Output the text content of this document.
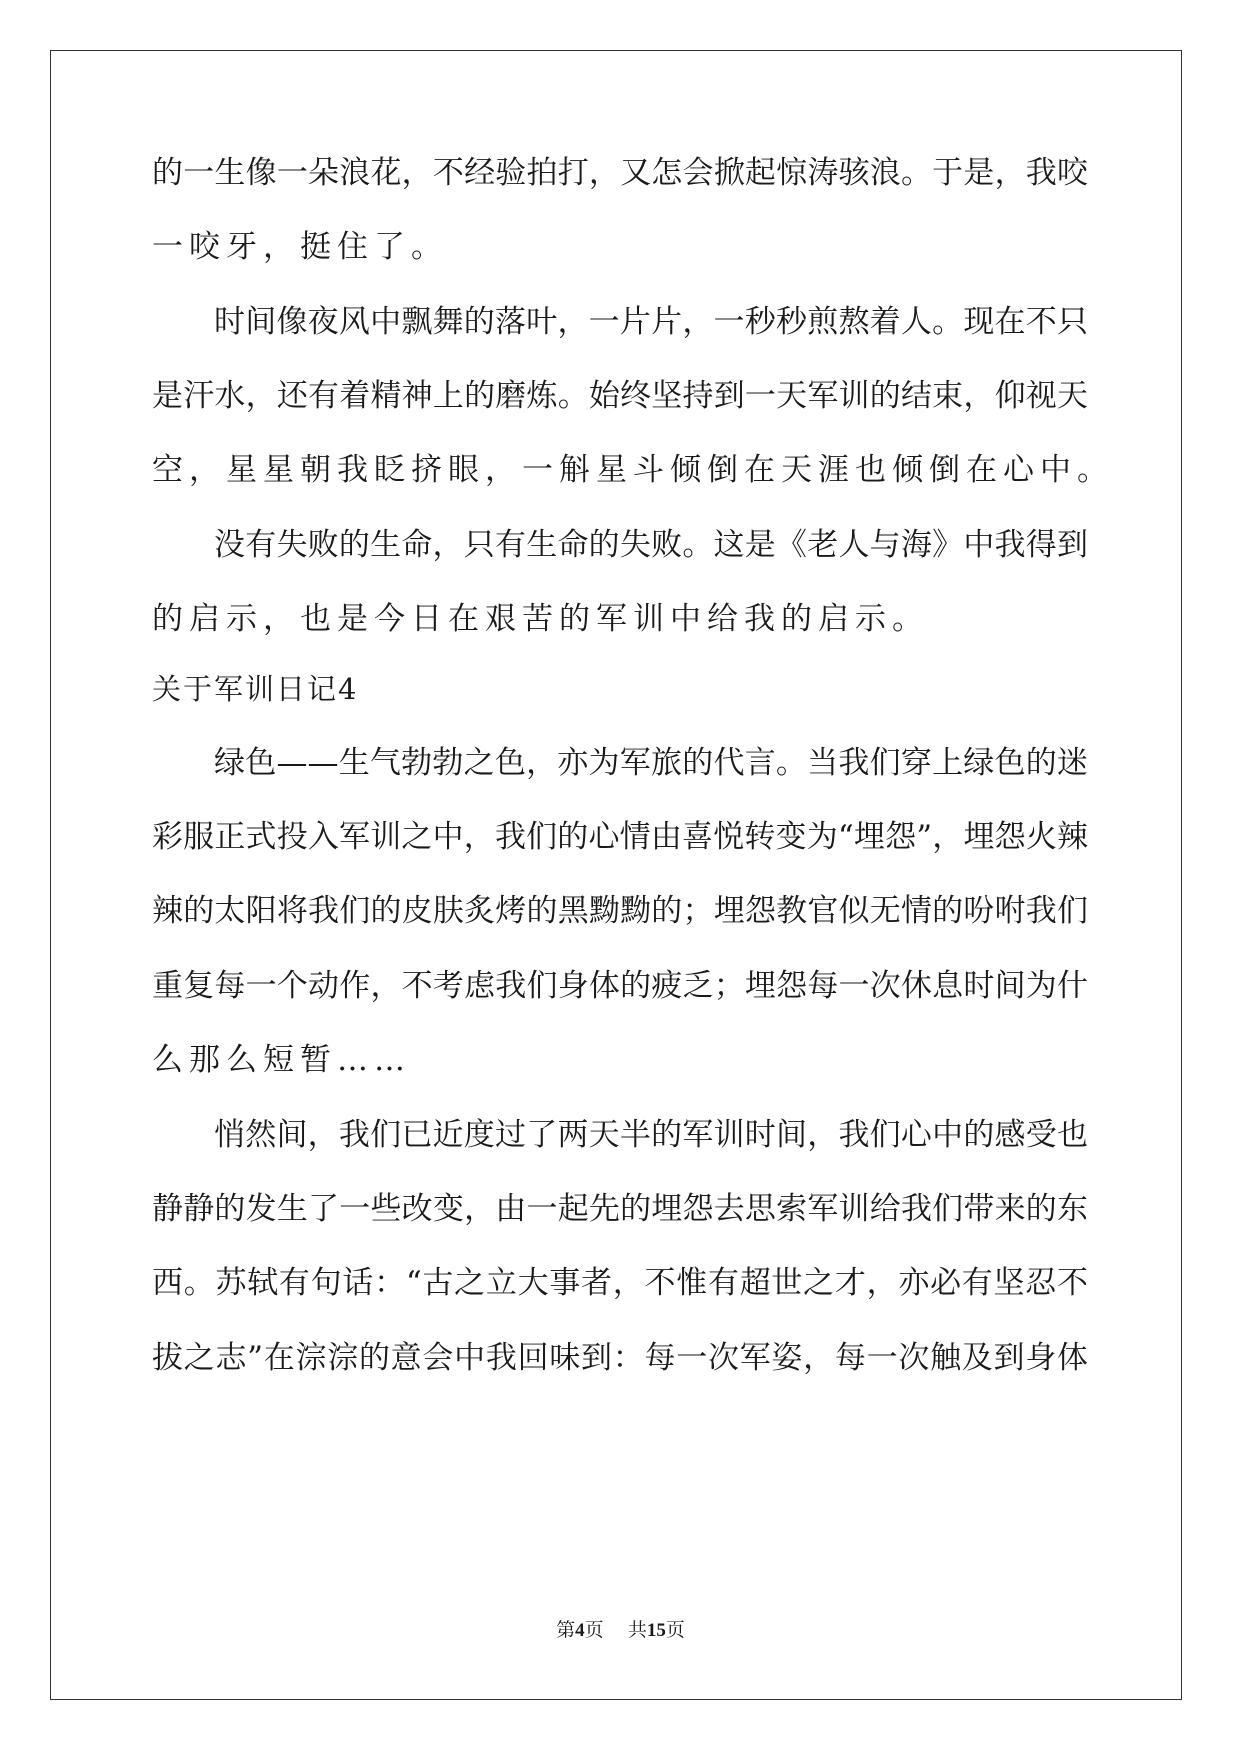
的一生像一朵浪花，不经验拍打，又怎会掀起惊涛骇浪。于是，我咬
一咬牙，挺住了。
时间像夜风中飘舞的落叶，一片片，一秒秒煎熬着人。现在不只
是汗水，还有着精神上的磨炼。始终坚持到一天军训的结束，仰视天
空，星星朝我眨挤眼，一斛星斗倾倒在天涯也倾倒在心中。
没有失败的生命，只有生命的失败。这是《老人与海》中我得到
的启示，也是今日在艰苦的军训中给我的启示。
关于军训日记4
绿色——生气勃勃之色，亦为军旅的代言。当我们穿上绿色的迷
彩服正式投入军训之中，我们的心情由喜悦转变为“埋怨”，埋怨火辣
辣的太阳将我们的皮肤炙烤的黑黝黝的；埋怨教官似无情的吩咐我们
重复每一个动作，不考虑我们身体的疲乏；埋怨每一次休息时间为什
么那么短暂……
悄然间，我们已近度过了两天半的军训时间，我们心中的感受也
静静的发生了一些改变，由一起先的埋怨去思索军训给我们带来的东
西。苏轼有句话：“古之立大事者，不惟有超世之才，亦必有坚忍不
拔之志”在淙淙的意会中我回味到：每一次军姿，每一次触及到身体
第4页    共15页
